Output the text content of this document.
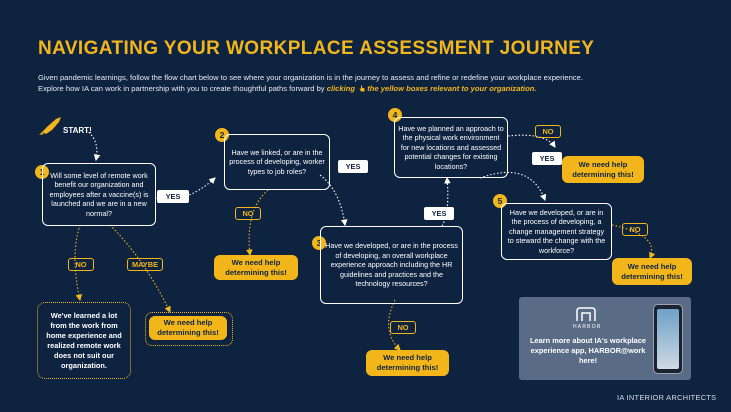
NAVIGATING YOUR WORKPLACE ASSESSMENT JOURNEY
Given pandemic learnings, follow the flow chart below to see where your organization is in the journey to assess and refine or redefine your workplace experience.
Explore how IA can work in partnership with you to create thoughtful paths forward by clicking the yellow boxes relevant to your organization.
START!
1 Will some level of remote work benefit our organization and employees after a vaccine(s) is launched and we are in a new normal?
YES
2
Have we linked, or are in the process of developing, worker types to job roles?
YES
NO
3 Have we developed, or are in the process of developing, an overall workplace experience approach including the HR guidelines and practices and the technology resources?
YES
NO
4
Have we planned an approach to the physical work environment for new locations and assessed potential changes for existing locations?
NO
YES
5
Have we developed, or are in the process of developing, a change management strategy to steward the change with the workforce?
NO
NO	MAYBE
We need help determining this!
We need help determining this!
We need help determining this!
We need help determining this!
We need help determining this!
We've learned a lot from the work from home experience and realized remote work does not suit our organization.
HARBOR
Learn more about IA's workplace experience app, HARBOR@work here!
IA INTERIOR ARCHITECTS
